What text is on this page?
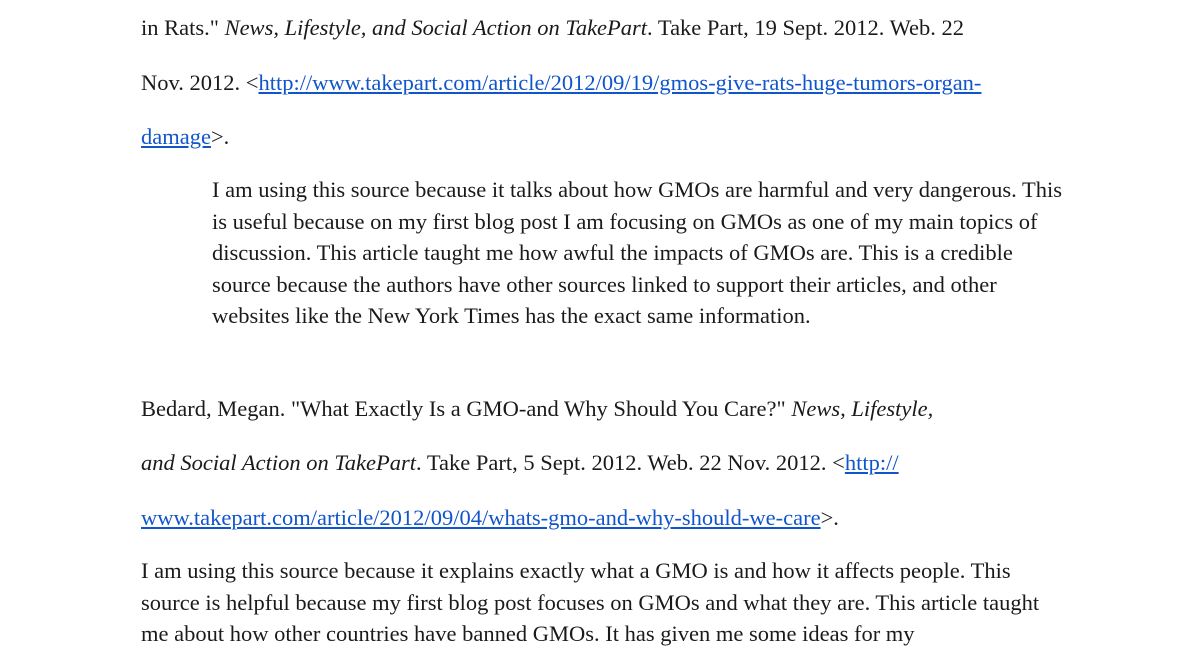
in Rats." News, Lifestyle, and Social Action on TakePart. Take Part, 19 Sept. 2012. Web. 22
Nov. 2012. <http://www.takepart.com/article/2012/09/19/gmos-give-rats-huge-tumors-organ-
damage>.
I am using this source because it talks about how GMOs are harmful and very dangerous. This is useful because on my first blog post I am focusing on GMOs as one of my main topics of discussion. This article taught me how awful the impacts of GMOs are. This is a credible source because the authors have other sources linked to support their articles, and other websites like the New York Times has the exact same information.
Bedard, Megan. "What Exactly Is a GMO-and Why Should You Care?" News, Lifestyle,
and Social Action on TakePart. Take Part, 5 Sept. 2012. Web. 22 Nov. 2012. <http://
www.takepart.com/article/2012/09/04/whats-gmo-and-why-should-we-care>.
I am using this source because it explains exactly what a GMO is and how it affects people. This source is helpful because my first blog post focuses on GMOs and what they are. This article taught me about how other countries have banned GMOs. It has given me some ideas for my
